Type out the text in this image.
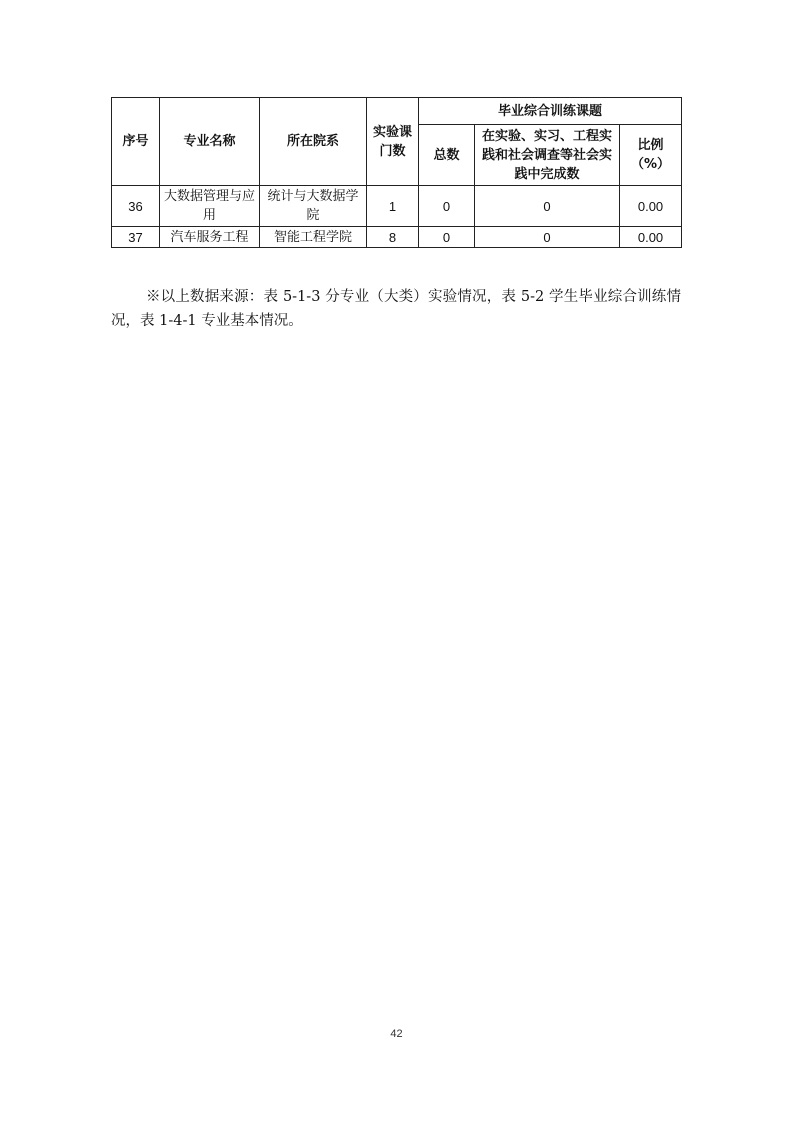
序号	专业名称	所在院系	实验课门数	毕业综合训练课题		
				总数	在实验、实习、工程实践和社会调查等社会实践中完成数	比例（%）
36	大数据管理与应用	统计与大数据学院	1	0	0	0.00
37	汽车服务工程	智能工程学院	8	0	0	0.00

※以上数据来源：表 5-1-3 分专业（大类）实验情况，表 5-2 学生毕业综合训练情况，表 1-4-1 专业基本情况。

42
